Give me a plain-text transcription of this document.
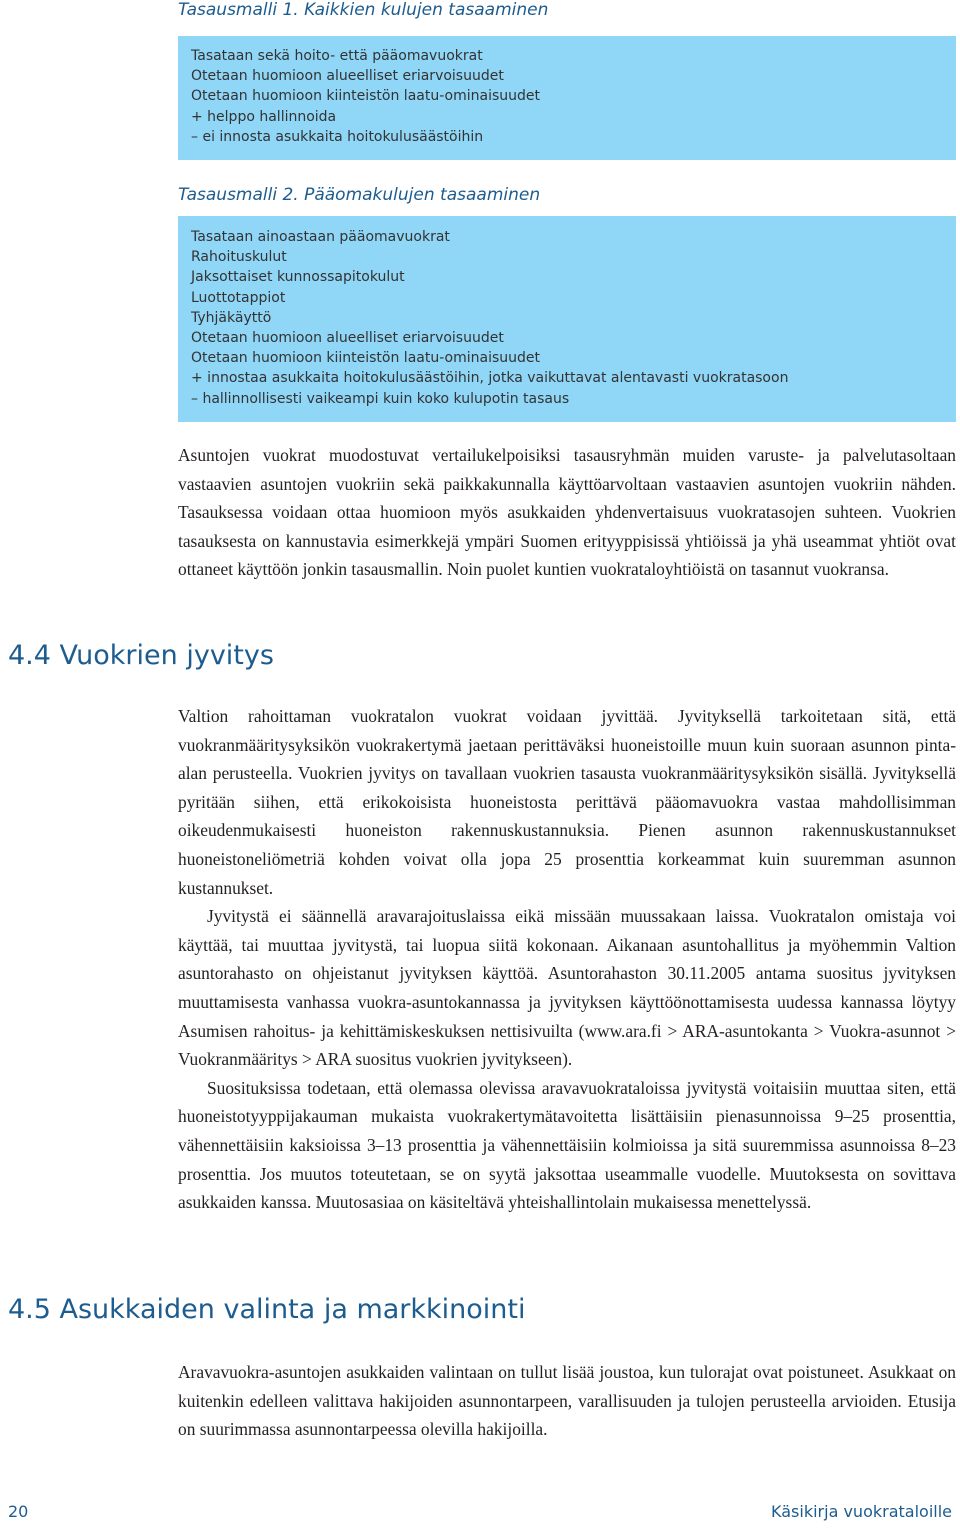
Tasausmalli 1. Kaikkien kulujen tasaaminen
Tasataan sekä hoito- että pääomavuokrat
Otetaan huomioon alueelliset eriarvoisuudet
Otetaan huomioon kiinteistön laatu-ominaisuudet
+ helppo hallinnoida
– ei innosta asukkaita hoitokulusäästöihin
Tasausmalli 2. Pääomakulujen tasaaminen
Tasataan ainoastaan pääomavuokrat
Rahoituskulut
Jaksottaiset kunnossapitokulut
Luottotappiot
Tyhjäkäyttö
Otetaan huomioon alueelliset eriarvoisuudet
Otetaan huomioon kiinteistön laatu-ominaisuudet
+ innostaa asukkaita hoitokulusäästöihin, jotka vaikuttavat alentavasti vuokratasoon
– hallinnollisesti vaikeampi kuin koko kulupotin tasaus

Asuntojen vuokrat muodostuvat vertailukelpoisiksi tasausryhmän muiden varuste- ja palvelutasoltaan vastaavien asuntojen vuokriin sekä paikkakunnalla käyttöarvoltaan vastaavien asuntojen vuokriin nähden. Tasauksessa voidaan ottaa huomioon myös asukkaiden yhdenvertaisuus vuokratasojen suhteen. Vuokrien tasauksesta on kannustavia esimerkkejä ympäri Suomen erityyppisissä yhtiöissä ja yhä useammat yhtiöt ovat ottaneet käyttöön jonkin tasausmallin. Noin puolet kuntien vuokrataloyhtiöistä on tasannut vuokransa.

4.4 Vuokrien jyvitys

Valtion rahoittaman vuokratalon vuokrat voidaan jyvittää. Jyvityksellä tarkoitetaan sitä, että vuokranmääritysyksikön vuokrakertymä jaetaan perittäväksi huoneistoille muun kuin suoraan asunnon pinta-alan perusteella. Vuokrien jyvitys on tavallaan vuokrien tasausta vuokranmääritysyksikön sisällä. Jyvityksellä pyritään siihen, että erikokoisista huoneistosta perittävä pääomavuokra vastaa mahdollisimman oikeudenmukaisesti huoneiston rakennuskustannuksia. Pienen asunnon rakennuskustannukset huoneistoneliömetriä kohden voivat olla jopa 25 prosenttia korkeammat kuin suuremman asunnon kustannukset.

Jyvitystä ei säännellä aravarajoituslaissa eikä missään muussakaan laissa. Vuokratalon omistaja voi käyttää, tai muuttaa jyvitystä, tai luopua siitä kokonaan. Aikanaan asuntohallitus ja myöhemmin Valtion asuntorahasto on ohjeistanut jyvityksen käyttöä. Asuntorahaston 30.11.2005 antama suositus jyvityksen muuttamisesta vanhassa vuokra-asuntokannassa ja jyvityksen käyttöönottamisesta uudessa kannassa löytyy Asumisen rahoitus- ja kehittämiskeskuksen nettisivuilta (www.ara.fi > ARA-asuntokanta > Vuokra-asunnot > Vuokranmääritys > ARA suositus vuokrien jyvitykseen).

Suosituksissa todetaan, että olemassa olevissa aravavuokrataloissa jyvitystä voitaisiin muuttaa siten, että huoneistotyyppijakauman mukaista vuokrakertymätavoitetta lisättäisiin pienasunnoissa 9–25 prosenttia, vähennettäisiin kaksioissa 3–13 prosenttia ja vähennettäisiin kolmioissa ja sitä suuremmissa asunnoissa 8–23 prosenttia. Jos muutos toteutetaan, se on syytä jaksottaa useammalle vuodelle. Muutoksesta on sovittava asukkaiden kanssa. Muutosasiaa on käsiteltävä yhteishallintolain mukaisessa menettelyssä.

4.5 Asukkaiden valinta ja markkinointi

Aravavuokra-asuntojen asukkaiden valintaan on tullut lisää joustoa, kun tulorajat ovat poistuneet. Asukkaat on kuitenkin edelleen valittava hakijoiden asunnontarpeen, varallisuuden ja tulojen perusteella arvioiden. Etusija on suurimmassa asunnontarpeessa olevilla hakijoilla.

20	Käsikirja vuokrataloille
